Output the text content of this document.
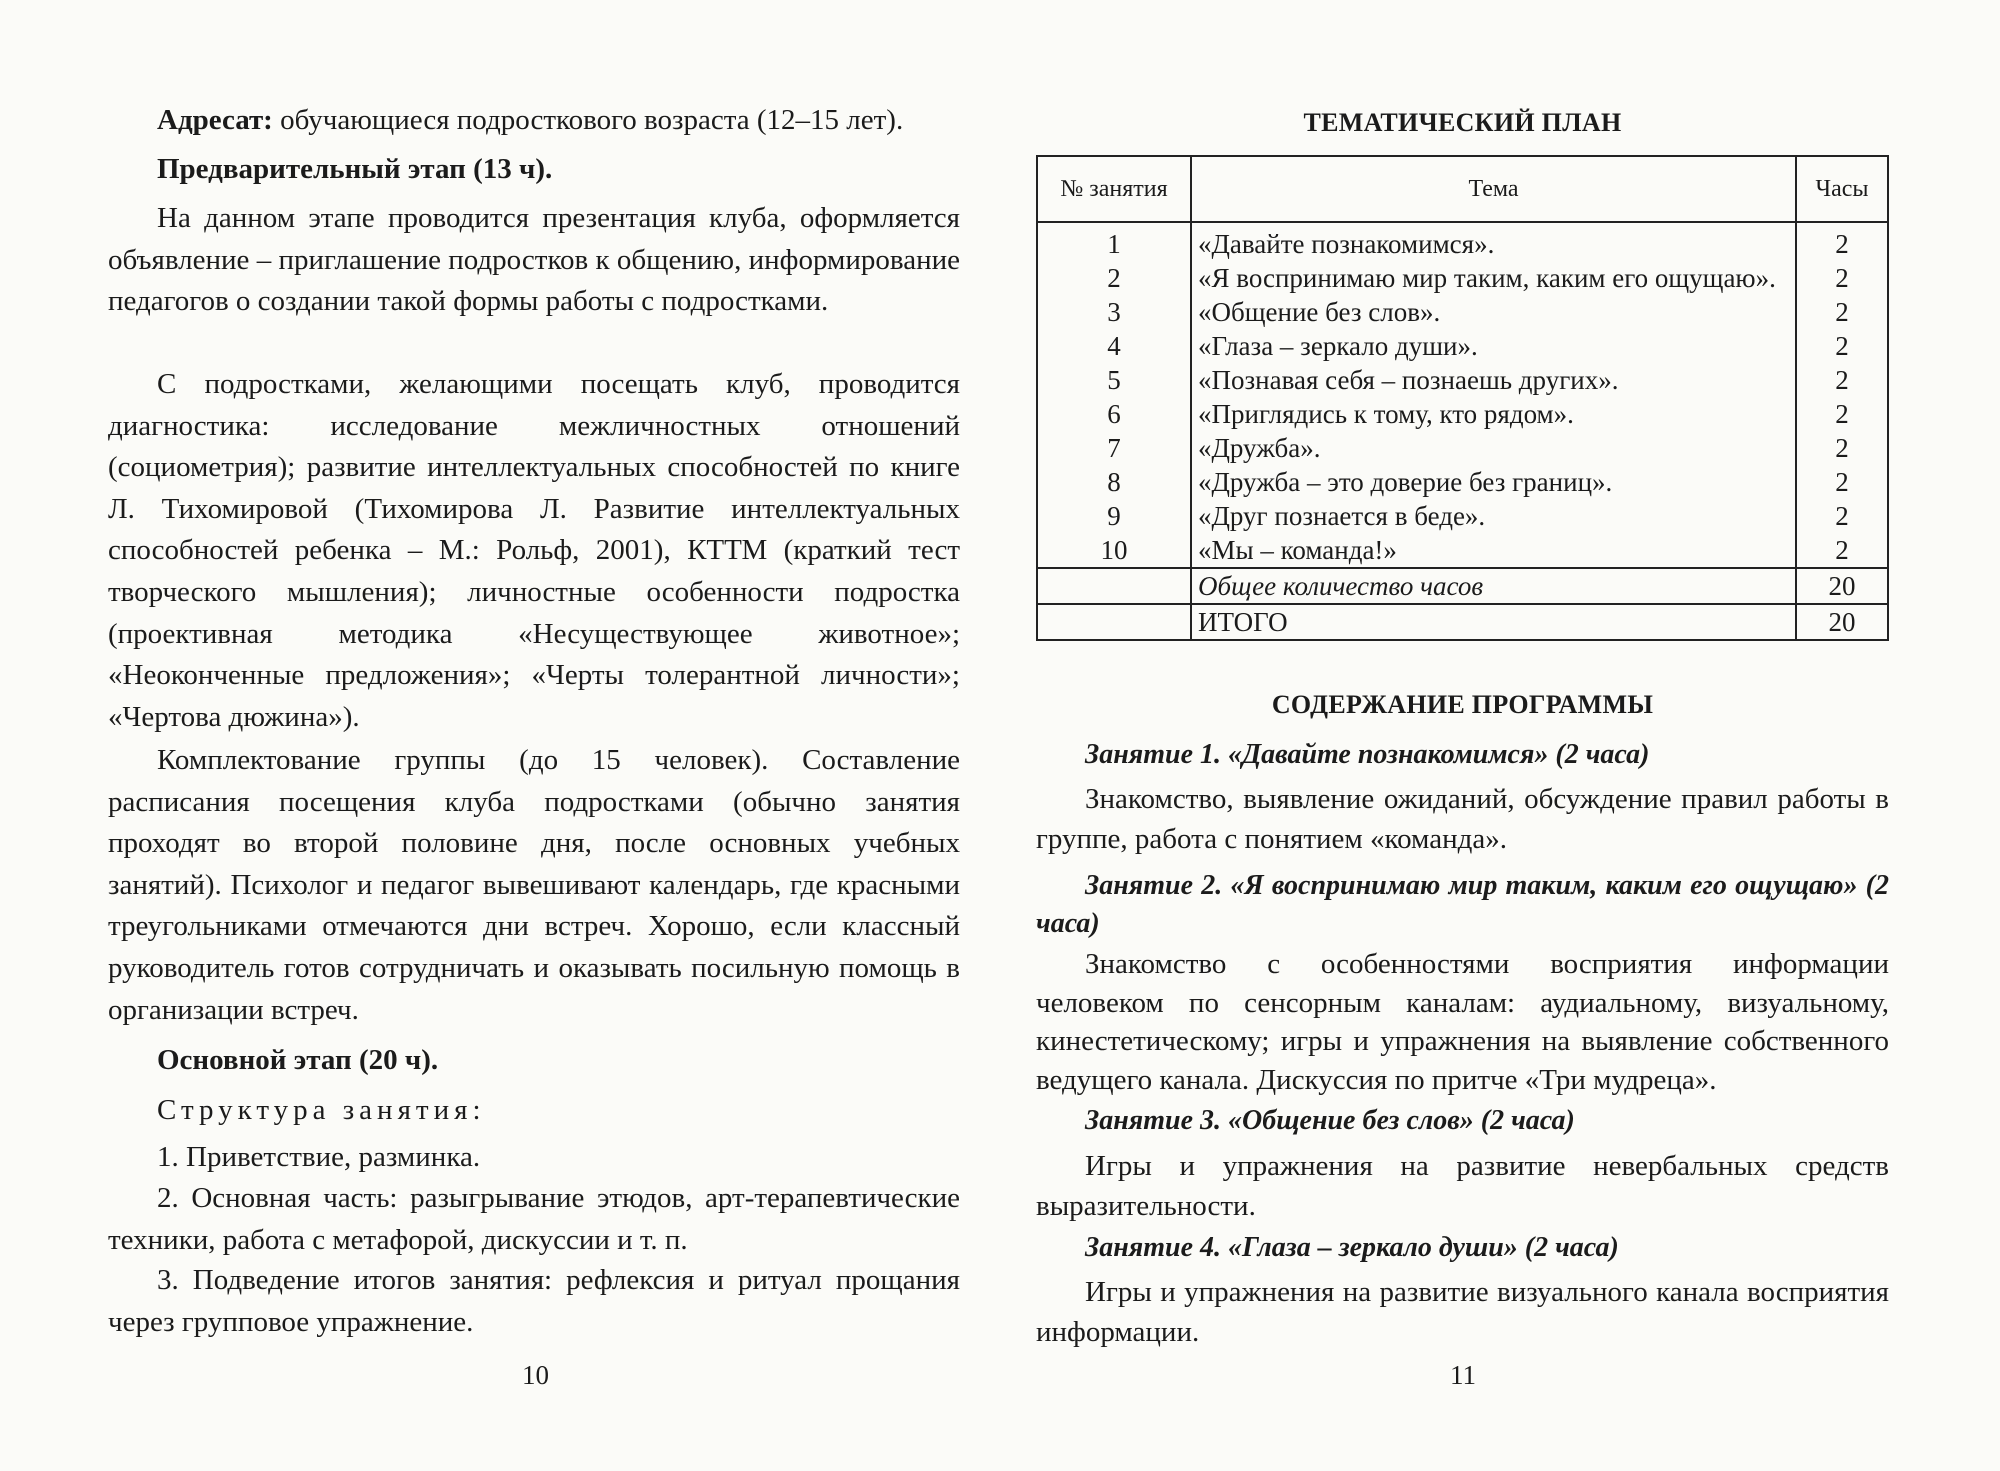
Адресат: обучающиеся подросткового возраста (12–15 лет).
Предварительный этап (13 ч).

На данном этапе проводится презентация клуба, оформляется объявление – приглашение подростков к общению, информирование педагогов о создании такой формы работы с подростками.

С подростками, желающими посещать клуб, проводится диагностика: исследование межличностных отношений (социометрия); развитие интеллектуальных способностей по книге Л. Тихомировой (Тихомирова Л. Развитие интеллектуальных способностей ребенка – М.: Рольф, 2001), КТТМ (краткий тест творческого мышления); личностные особенности подростка (проективная методика «Несуществующее животное»; «Неоконченные предложения»; «Черты толерантной личности»; «Чертова дюжина»).

Комплектование группы (до 15 человек). Составление расписания посещения клуба подростками (обычно занятия проходят во второй половине дня, после основных учебных занятий). Психолог и педагог вывешивают календарь, где красными треугольниками отмечаются дни встреч. Хорошо, если классный руководитель готов сотрудничать и оказывать посильную помощь в организации встреч.

Основной этап (20 ч).
Структура занятия:

1. Приветствие, разминка.

2. Основная часть: разыгрывание этюдов, арт-терапевтические техники, работа с метафорой, дискуссии и т. п.

3. Подведение итогов занятия: рефлексия и ритуал прощания через групповое упражнение.

10
ТЕМАТИЧЕСКИЙ ПЛАН
№ занятия	Тема	Часы
1	«Давайте познакомимся».	2
2	«Я воспринимаю мир таким, каким его ощущаю».	2
3	«Общение без слов».	2
4	«Глаза – зеркало души».	2
5	«Познавая себя – познаешь других».	2
6	«Приглядись к тому, кто рядом».	2
7	«Дружба».	2
8	«Дружба – это доверие без границ».	2
9	«Друг познается в беде».	2
10	«Мы – команда!»	2
	Общее количество часов	20
	ИТОГО	20
СОДЕРЖАНИЕ ПРОГРАММЫ

Занятие 1. «Давайте познакомимся» (2 часа)

Знакомство, выявление ожиданий, обсуждение правил работы в группе, работа с понятием «команда».

Занятие 2. «Я воспринимаю мир таким, каким его ощущаю» (2 часа)

Знакомство с особенностями восприятия информации человеком по сенсорным каналам: аудиальному, визуальному, кинестетическому; игры и упражнения на выявление собственного ведущего канала. Дискуссия по притче «Три мудреца».

Занятие 3. «Общение без слов» (2 часа)

Игры и упражнения на развитие невербальных средств выразительности.

Занятие 4. «Глаза – зеркало души» (2 часа)

Игры и упражнения на развитие визуального канала восприятия информации.

11
